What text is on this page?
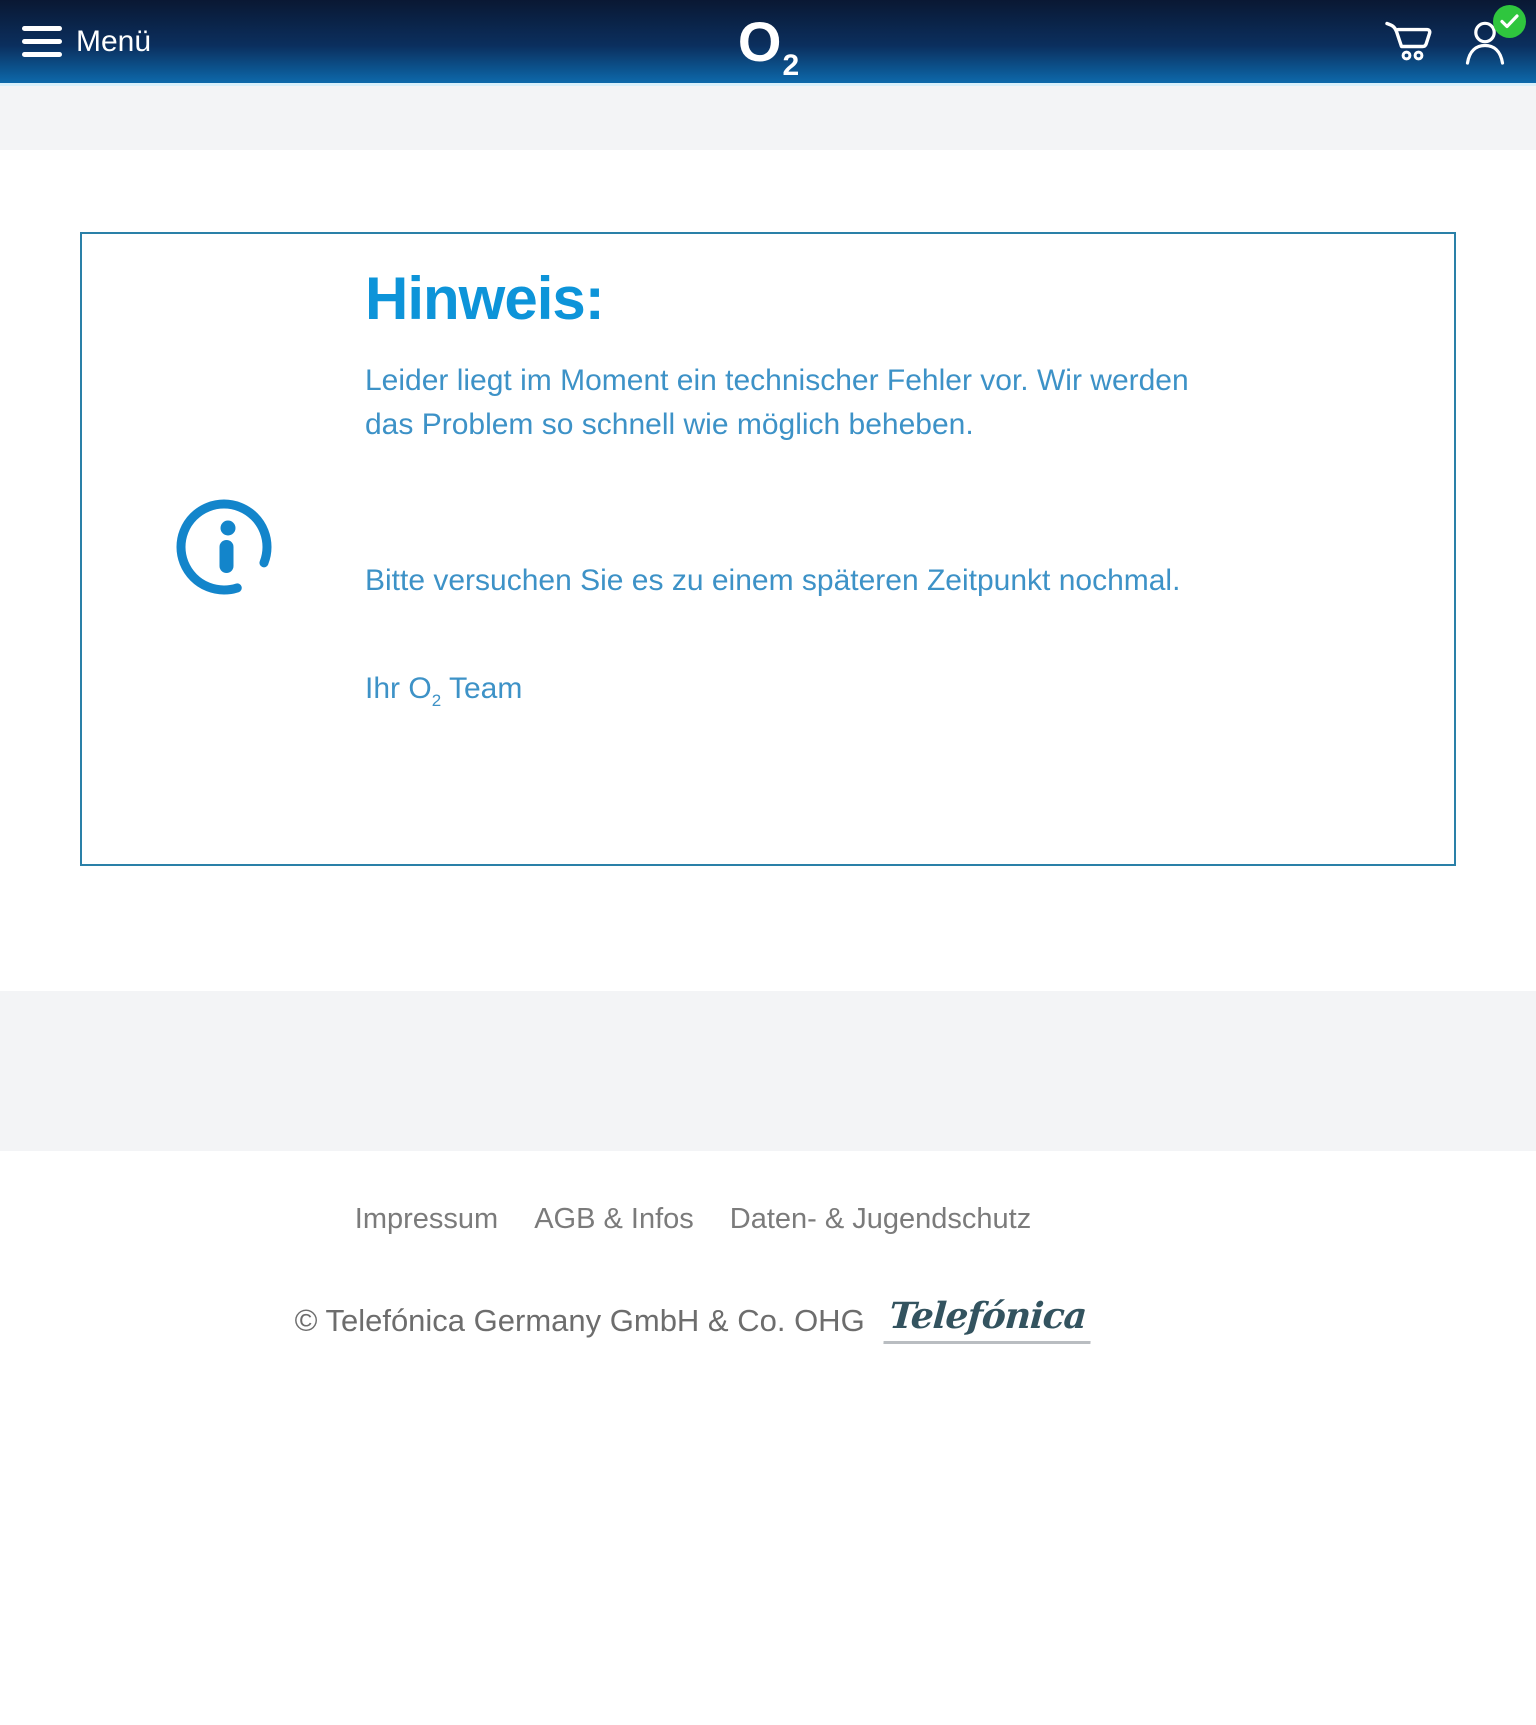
Menü	$O_2$
Hinweis:

Leider liegt im Moment ein technischer Fehler vor. Wir werden das Problem so schnell wie möglich beheben.

Bitte versuchen Sie es zu einem späteren Zeitpunkt nochmal.

Ihr $O_2$ Team

Impressum AGB & Infos Daten- & Jugendschutz
© Telefónica Germany GmbH & Co. OHG Telefónica
